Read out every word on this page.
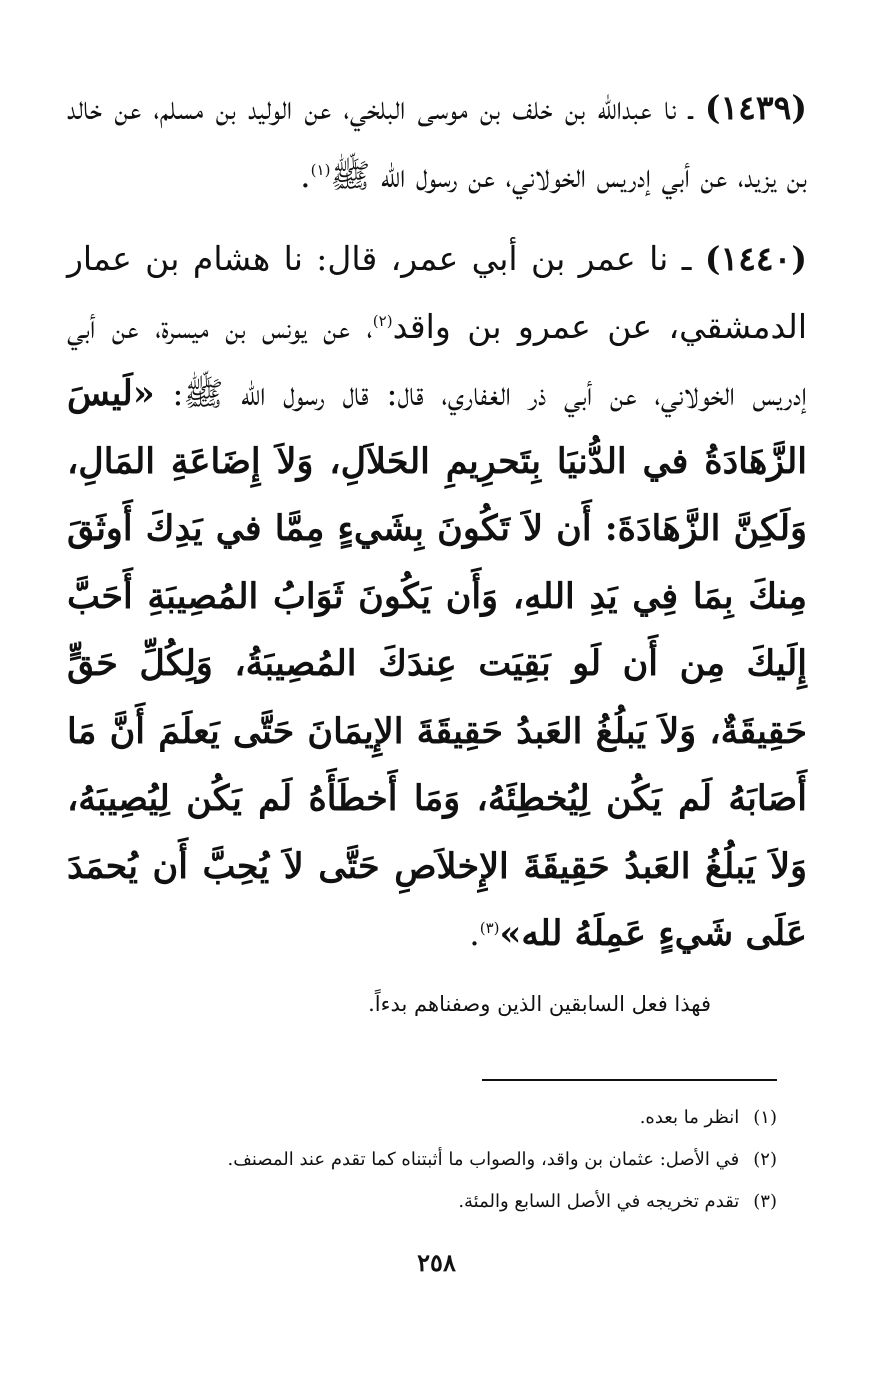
(١٤٣٩) ـ نا عبدالله بن خلف بن موسى البلخي، عن الوليد بن مسلم، عن خالد بن يزيد، عن أبي إدريس الخولاني، عن رسول الله ﷺ$^{(١)}$.

(١٤٤٠) ـ نا عمر بن أبي عمر، قال: نا هشام بن عمار الدمشقي، عن عمرو بن واقد$^{(٢)}$، عن يونس بن ميسرة، عن أبي إدريس الخولاني، عن أبي ذر الغفاري، قال: قال رسول الله ﷺ: «لَيسَ الزَّهَادَةُ في الدُّنيَا بِتَحرِيمِ الحَلاَلِ، وَلاَ إِضَاعَةِ المَالِ، وَلَكِنَّ الزَّهَادَةَ: أَن لاَ تَكُونَ بِشَيءٍ مِمَّا في يَدِكَ أَوثَقَ مِنكَ بِمَا فِي يَدِ اللهِ، وَأَن يَكُونَ ثَوَابُ المُصِيبَةِ أَحَبَّ إِلَيكَ مِن أَن لَو بَقِيَت عِندَكَ المُصِيبَةُ، وَلِكُلِّ حَقٍّ حَقِيقَةٌ، وَلاَ يَبلُغُ العَبدُ حَقِيقَةَ الإِيمَانَ حَتَّى يَعلَمَ أَنَّ مَا أَصَابَهُ لَم يَكُن لِيُخطِئَهُ، وَمَا أَخطَأَهُ لَم يَكُن لِيُصِيبَهُ، وَلاَ يَبلُغُ العَبدُ حَقِيقَةَ الإِخلاَصِ حَتَّى لاَ يُحِبَّ أَن يُحمَدَ عَلَى شَيءٍ عَمِلَهُ لله»$^{(٣)}$.

فهذا فعل السابقين الذين وصفناهم بدءاً.

(١) انظر ما بعده.
(٢) في الأصل: عثمان بن واقد، والصواب ما أثبتناه كما تقدم عند المصنف.
(٣) تقدم تخريجه في الأصل السابع والمئة.
٢٥٨
